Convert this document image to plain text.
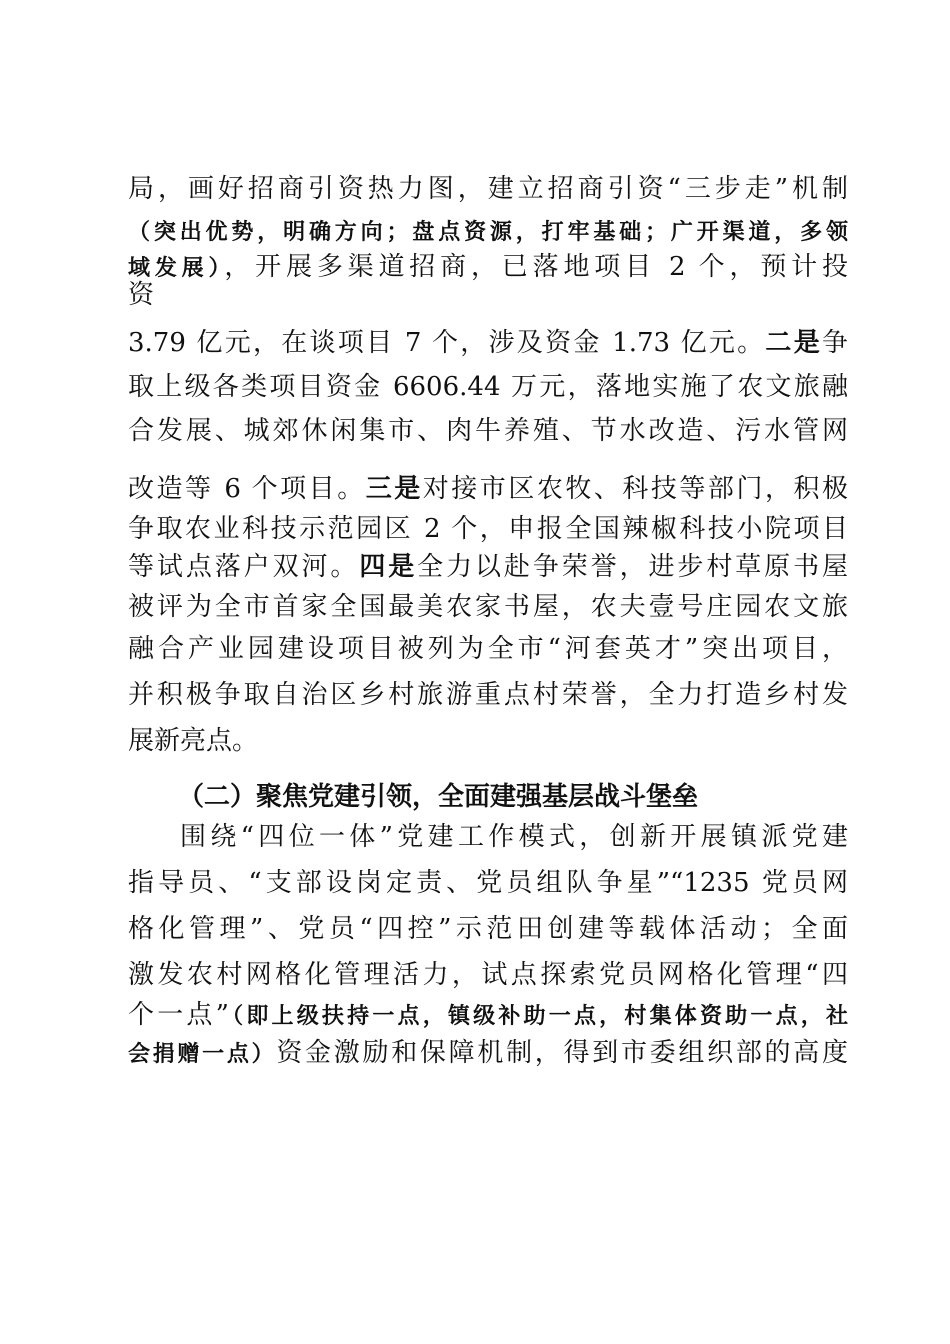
局，画好招商引资热力图，建立招商引资“三步走”机制
（突出优势，明确方向；盘点资源，打牢基础；广开渠道，多领
域发展），开展多渠道招商，已落地项目 2 个，预计投
资
3.79 亿元，在谈项目 7 个，涉及资金 1.73 亿元。二是争
取上级各类项目资金 6606.44 万元，落地实施了农文旅融
合发展、城郊休闲集市、肉牛养殖、节水改造、污水管网
改造等 6 个项目。三是对接市区农牧、科技等部门，积极
争取农业科技示范园区 2 个，申报全国辣椒科技小院项目
等试点落户双河。四是全力以赴争荣誉，进步村草原书屋
被评为全市首家全国最美农家书屋，农夫壹号庄园农文旅
融合产业园建设项目被列为全市“河套英才”突出项目，
并积极争取自治区乡村旅游重点村荣誉，全力打造乡村发
展新亮点。
（二）聚焦党建引领，全面建强基层战斗堡垒
围绕“四位一体”党建工作模式，创新开展镇派党建
指导员、“支部设岗定责、党员组队争星”“1235 党员网
格化管理”、党员“四控”示范田创建等载体活动；全面
激发农村网格化管理活力，试点探索党员网格化管理“四
个一点”（即上级扶持一点，镇级补助一点，村集体资助一点，社
会捐赠一点）资金激励和保障机制，得到市委组织部的高度
